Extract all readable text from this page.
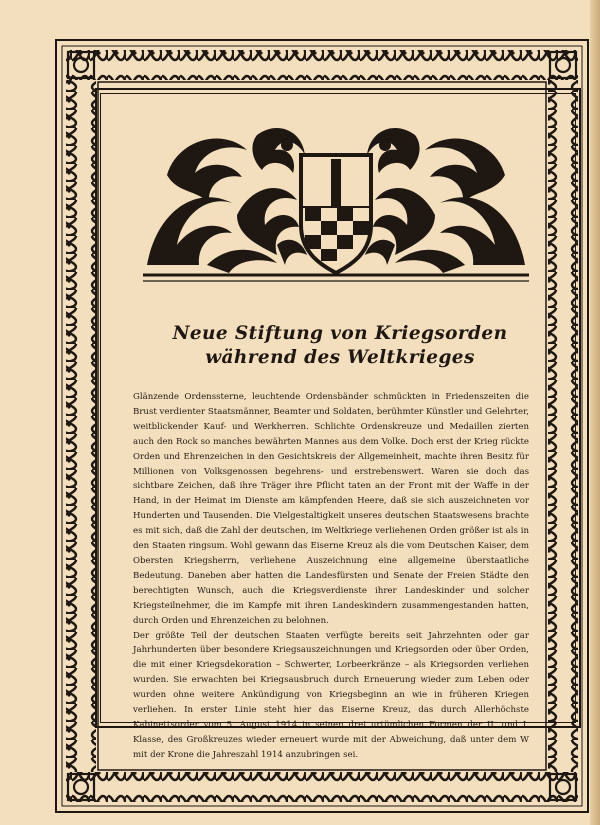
Neue Stiftung von Kriegsorden
während des Weltkrieges

Glänzende Ordenssterne, leuchtende Ordensbänder schmückten in Friedenszeiten die Brust verdienter Staatsmänner, Beamter und Soldaten, berühmter Künstler und Gelehrter, weitblickender Kauf- und Werkherren. Schlichte Ordenskreuze und Medaillen zierten auch den Rock so manches bewährten Mannes aus dem Volke. Doch erst der Krieg rückte Orden und Ehrenzeichen in den Gesichtskreis der Allgemeinheit, machte ihren Besitz für Millionen von Volksgenossen begehrens- und erstrebenswert. Waren sie doch das sichtbare Zeichen, daß ihre Träger ihre Pflicht taten an der Front mit der Waffe in der Hand, in der Heimat im Dienste am kämpfenden Heere, daß sie sich auszeichneten vor Hunderten und Tausenden. Die Vielgestaltigkeit unseres deutschen Staatswesens brachte es mit sich, daß die Zahl der deutschen, im Weltkriege verliehenen Orden größer ist als in den Staaten ringsum. Wohl gewann das Eiserne Kreuz als die vom Deutschen Kaiser, dem Obersten Kriegsherrn, verliehene Auszeichnung eine allgemeine überstaatliche Bedeutung. Daneben aber hatten die Landesfürsten und Senate der Freien Städte den berechtigten Wunsch, auch die Kriegsverdienste ihrer Landeskinder und solcher Kriegsteilnehmer, die im Kampfe mit ihren Landeskindern zusammengestanden hatten, durch Orden und Ehrenzeichen zu belohnen.

Der größte Teil der deutschen Staaten verfügte bereits seit Jahrzehnten oder gar Jahrhunderten über besondere Kriegsauszeichnungen und Kriegsorden oder über Orden, die mit einer Kriegsdekoration – Schwerter, Lorbeerkränze – als Kriegsorden verliehen wurden. Sie erwachten bei Kriegsausbruch durch Erneuerung wieder zum Leben oder wurden ohne weitere Ankündigung von Kriegsbeginn an wie in früheren Kriegen verliehen. In erster Linie steht hier das Eiserne Kreuz, das durch Allerhöchste Kabinettsorder vom 5. August 1914 in seinen drei urtümlichen Formen der II. und I. Klasse, des Großkreuzes wieder erneuert wurde mit der Abweichung, daß unter dem W mit der Krone die Jahreszahl 1914 anzubringen sei.
